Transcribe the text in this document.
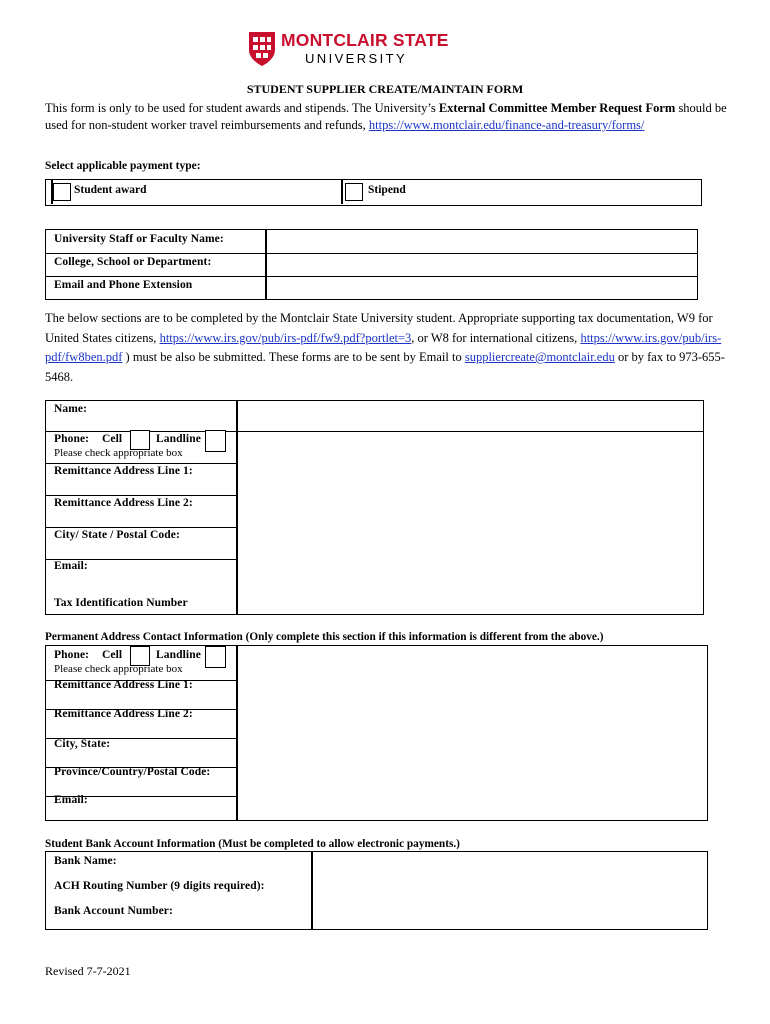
MONTCLAIR STATE
UNIVERSITY
STUDENT SUPPLIER CREATE/MAINTAIN FORM
This form is only to be used for student awards and stipends. The University’s External Committee Member Request Form should be used for non-student worker travel reimbursements and refunds, https://www.montclair.edu/finance-and-treasury/forms/
Select applicable payment type:
Student award	Stipend
University Staff or Faculty Name:
College, School or Department:
Email and Phone Extension
The below sections are to be completed by the Montclair State University student. Appropriate supporting tax documentation, W9 for United States citizens, https://www.irs.gov/pub/irs-pdf/fw9.pdf?portlet=3, or W8 for international citizens, https://www.irs.gov/pub/irs-pdf/fw8ben.pdf ) must be also be submitted. These forms are to be sent by Email to suppliercreate@montclair.edu or by fax to 973-655-5468.
Name:
Phone: Cell	Landline
Please check appropriate box
Remittance Address Line 1:
Remittance Address Line 2:
City/ State / Postal Code:
Email:
Tax Identification Number
Permanent Address Contact Information (Only complete this section if this information is different from the above.)
Phone: Cell	Landline
Please check appropriate box
Remittance Address Line 1:
Remittance Address Line 2:
City, State:
Province/Country/Postal Code:
Email:
Student Bank Account Information (Must be completed to allow electronic payments.)
Bank Name:
ACH Routing Number (9 digits required):
Bank Account Number:
Revised 7-7-2021
